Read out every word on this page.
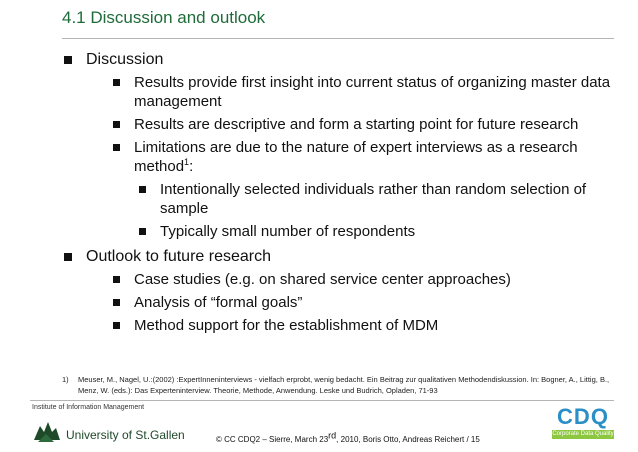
4.1 Discussion and outlook
Discussion
Results provide first insight into current status of organizing master data management
Results are descriptive and form a starting point for future research
Limitations are due to the nature of expert interviews as a research method$^1$:
Intentionally selected individuals rather than random selection of sample
Typically small number of respondents
Outlook to future research
Case studies (e.g. on shared service center approaches)
Analysis of “formal goals”
Method support for the establishment of MDM
1)	Meuser, M., Nagel, U.:(2002) :ExpertInneninterviews - vielfach erprobt, wenig bedacht. Ein Beitrag zur qualitativen Methodendiskussion. In: Bogner, A., Littig, B., Menz, W. (eds.): Das Experteninterview. Theorie, Methode, Anwendung. Leske und Budrich, Opladen, 71-93
Institute of Information Management
University of St.Gallen	© CC CDQ2 – Sierre, March 23rd, 2010, Boris Otto, Andreas Reichert / 15
CDQ
Corporate Data Quality
